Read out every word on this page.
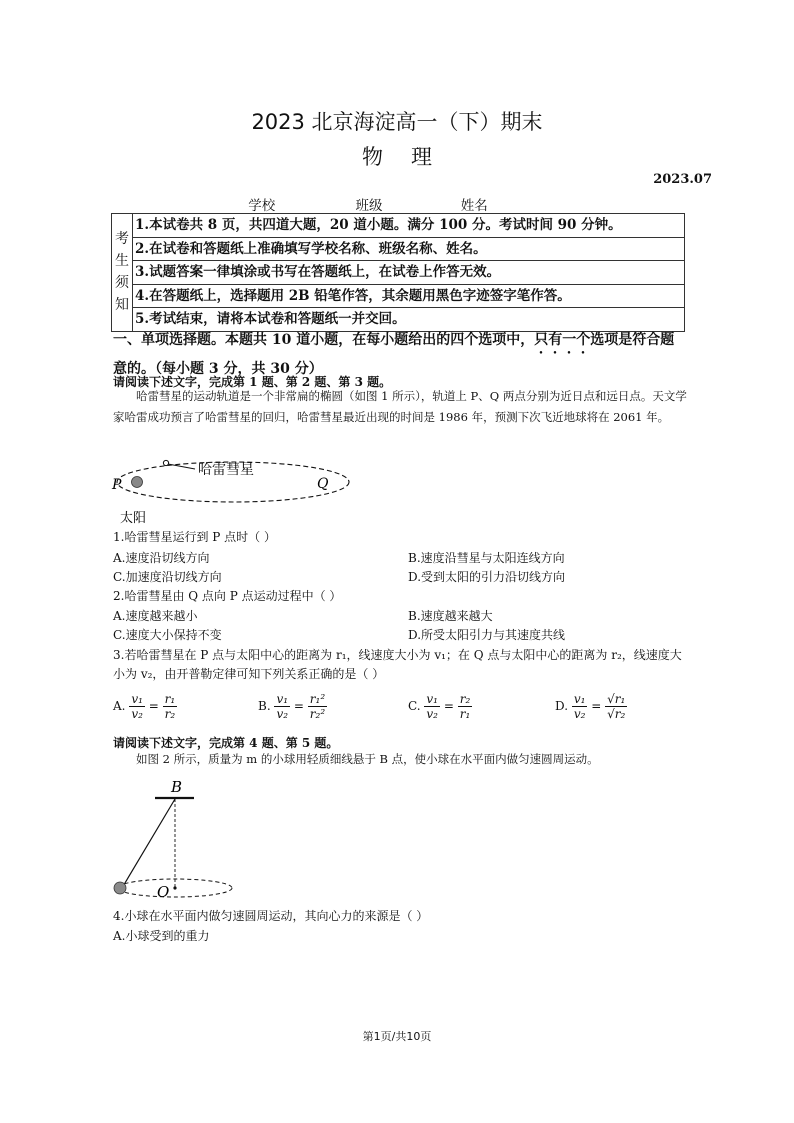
2023 北京海淀高一（下）期末
物理
2023.07
学校	班级	姓名
考
生
须
知
	1.本试卷共 8 页，共四道大题，20 道小题。满分 100 分。考试时间 90 分钟。
2.在试卷和答题纸上准确填写学校名称、班级名称、姓名。
3.试题答案一律填涂或书写在答题纸上，在试卷上作答无效。
4.在答题纸上，选择题用 2B 铅笔作答，其余题用黑色字迹签字笔作答。
5.考试结束，请将本试卷和答题纸一并交回。
一、单项选择题。本题共 10 道小题，在每小题给出的四个选项中，只有一个选项是符合题意的。（每小题 3 分，共 30 分）
请阅读下述文字，完成第 1 题、第 2 题、第 3 题。
哈雷彗星的运动轨道是一个非常扁的椭圆（如图 1 所示），轨道上 P、Q 两点分别为近日点和远日点。天文学家哈雷成功预言了哈雷彗星的回归，哈雷彗星最近出现的时间是 1986 年，预测下次飞近地球将在 2061 年。
哈雷彗星
P	Q
太阳
1.哈雷彗星运行到 P 点时（ ）
A.速度沿切线方向	B.速度沿彗星与太阳连线方向
C.加速度沿切线方向	D.受到太阳的引力沿切线方向
2.哈雷彗星由 Q 点向 P 点运动过程中（ ）
A.速度越来越小	B.速度越来越大
C.速度大小保持不变	D.所受太阳引力与其速度共线
3.若哈雷彗星在 P 点与太阳中心的距离为 r₁，线速度大小为 v₁；在 Q 点与太阳中心的距离为 r₂，线速度大
小为 v₂，由开普勒定律可知下列关系正确的是（ ）
A. $\frac{\text{v₁}}{\text{v₂}} = \frac{\text{r₁}}{\text{r₂}}$	B. $\frac{\text{v₁}}{\text{v₂}} = \frac{\text{r₁²}}{\text{r₂²}}$	C. $\frac{\text{v₁}}{\text{v₂}} = \frac{\text{r₂}}{\text{r₁}}$	D. $\frac{\text{v₁}}{\text{v₂}} = \frac{\text{√r₁}}{\text{√r₂}}$
请阅读下述文字，完成第 4 题、第 5 题。
如图 2 所示，质量为 m 的小球用轻质细线悬于 B 点，使小球在水平面内做匀速圆周运动。
B
O
4.小球在水平面内做匀速圆周运动，其向心力的来源是（ ）
A.小球受到的重力
第1页/共10页
